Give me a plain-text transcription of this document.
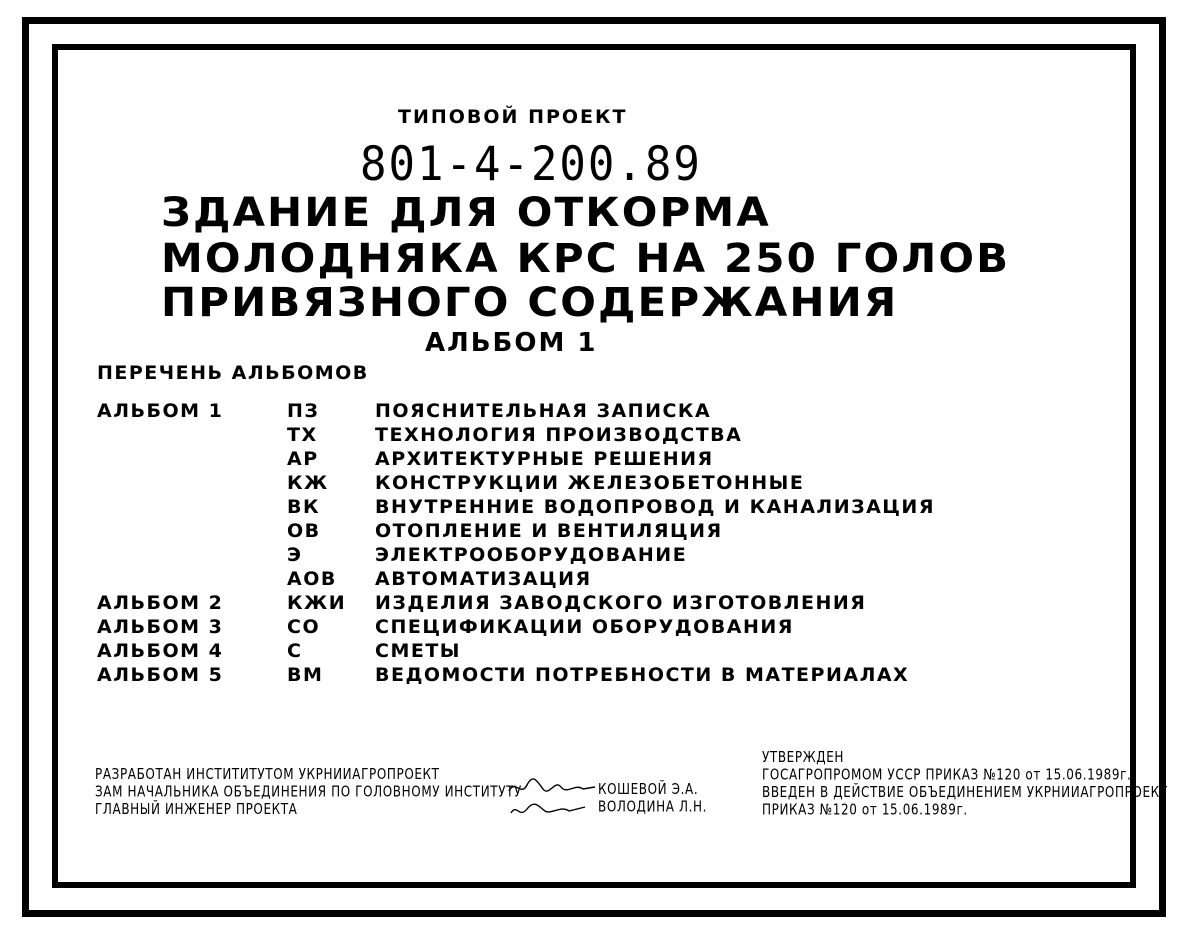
ТИПОВОЙ ПРОЕКТ
801-4-200.89
ЗДАНИЕ ДЛЯ ОТКОРМА
МОЛОДНЯКА КРС НА 250 ГОЛОВ
ПРИВЯЗНОГО СОДЕРЖАНИЯ
АЛЬБОМ 1
ПЕРЕЧЕНЬ АЛЬБОМОВ
АЛЬБОМ 1	ПЗ	ПОЯСНИТЕЛЬНАЯ ЗАПИСКА
ТХ	ТЕХНОЛОГИЯ ПРОИЗВОДСТВА
АР	АРХИТЕКТУРНЫЕ РЕШЕНИЯ
КЖ КОНСТРУКЦИИ ЖЕЛЕЗОБЕТОННЫЕ
ВК	ВНУТРЕННИЕ ВОДОПРОВОД И КАНАЛИЗАЦИЯ
ОВ	ОТОПЛЕНИЕ И ВЕНТИЛЯЦИЯ
Э	ЭЛЕКТРООБОРУДОВАНИЕ
АОВ АВТОМАТИЗАЦИЯ
АЛЬБОМ 2	КЖИ ИЗДЕЛИЯ ЗАВОДСКОГО ИЗГОТОВЛЕНИЯ
АЛЬБОМ 3	СО	СПЕЦИФИКАЦИИ ОБОРУДОВАНИЯ
АЛЬБОМ 4	С	СМЕТЫ
АЛЬБОМ 5	ВМ	ВЕДОМОСТИ ПОТРЕБНОСТИ В МАТЕРИАЛАХ
РАЗРАБОТАН ИНСТИТИТУТОМ УКРНИИАГРОПРОЕКТ
ЗАМ НАЧАЛЬНИКА ОБЪЕДИНЕНИЯ ПО ГОЛОВНОМУ ИНСТИТУТУ
ГЛАВНЫЙ ИНЖЕНЕР ПРОЕКТА
КОШЕВОЙ Э.А.
ВОЛОДИНА Л.Н.
УТВЕРЖДЕН
ГОСАГРОПРОМОМ УССР ПРИКАЗ №120 от 15.06.1989г.
ВВЕДЕН В ДЕЙСТВИЕ ОБЪЕДИНЕНИЕМ УКРНИИАГРОПРОЕКТ
ПРИКАЗ №120 от 15.06.1989г.
